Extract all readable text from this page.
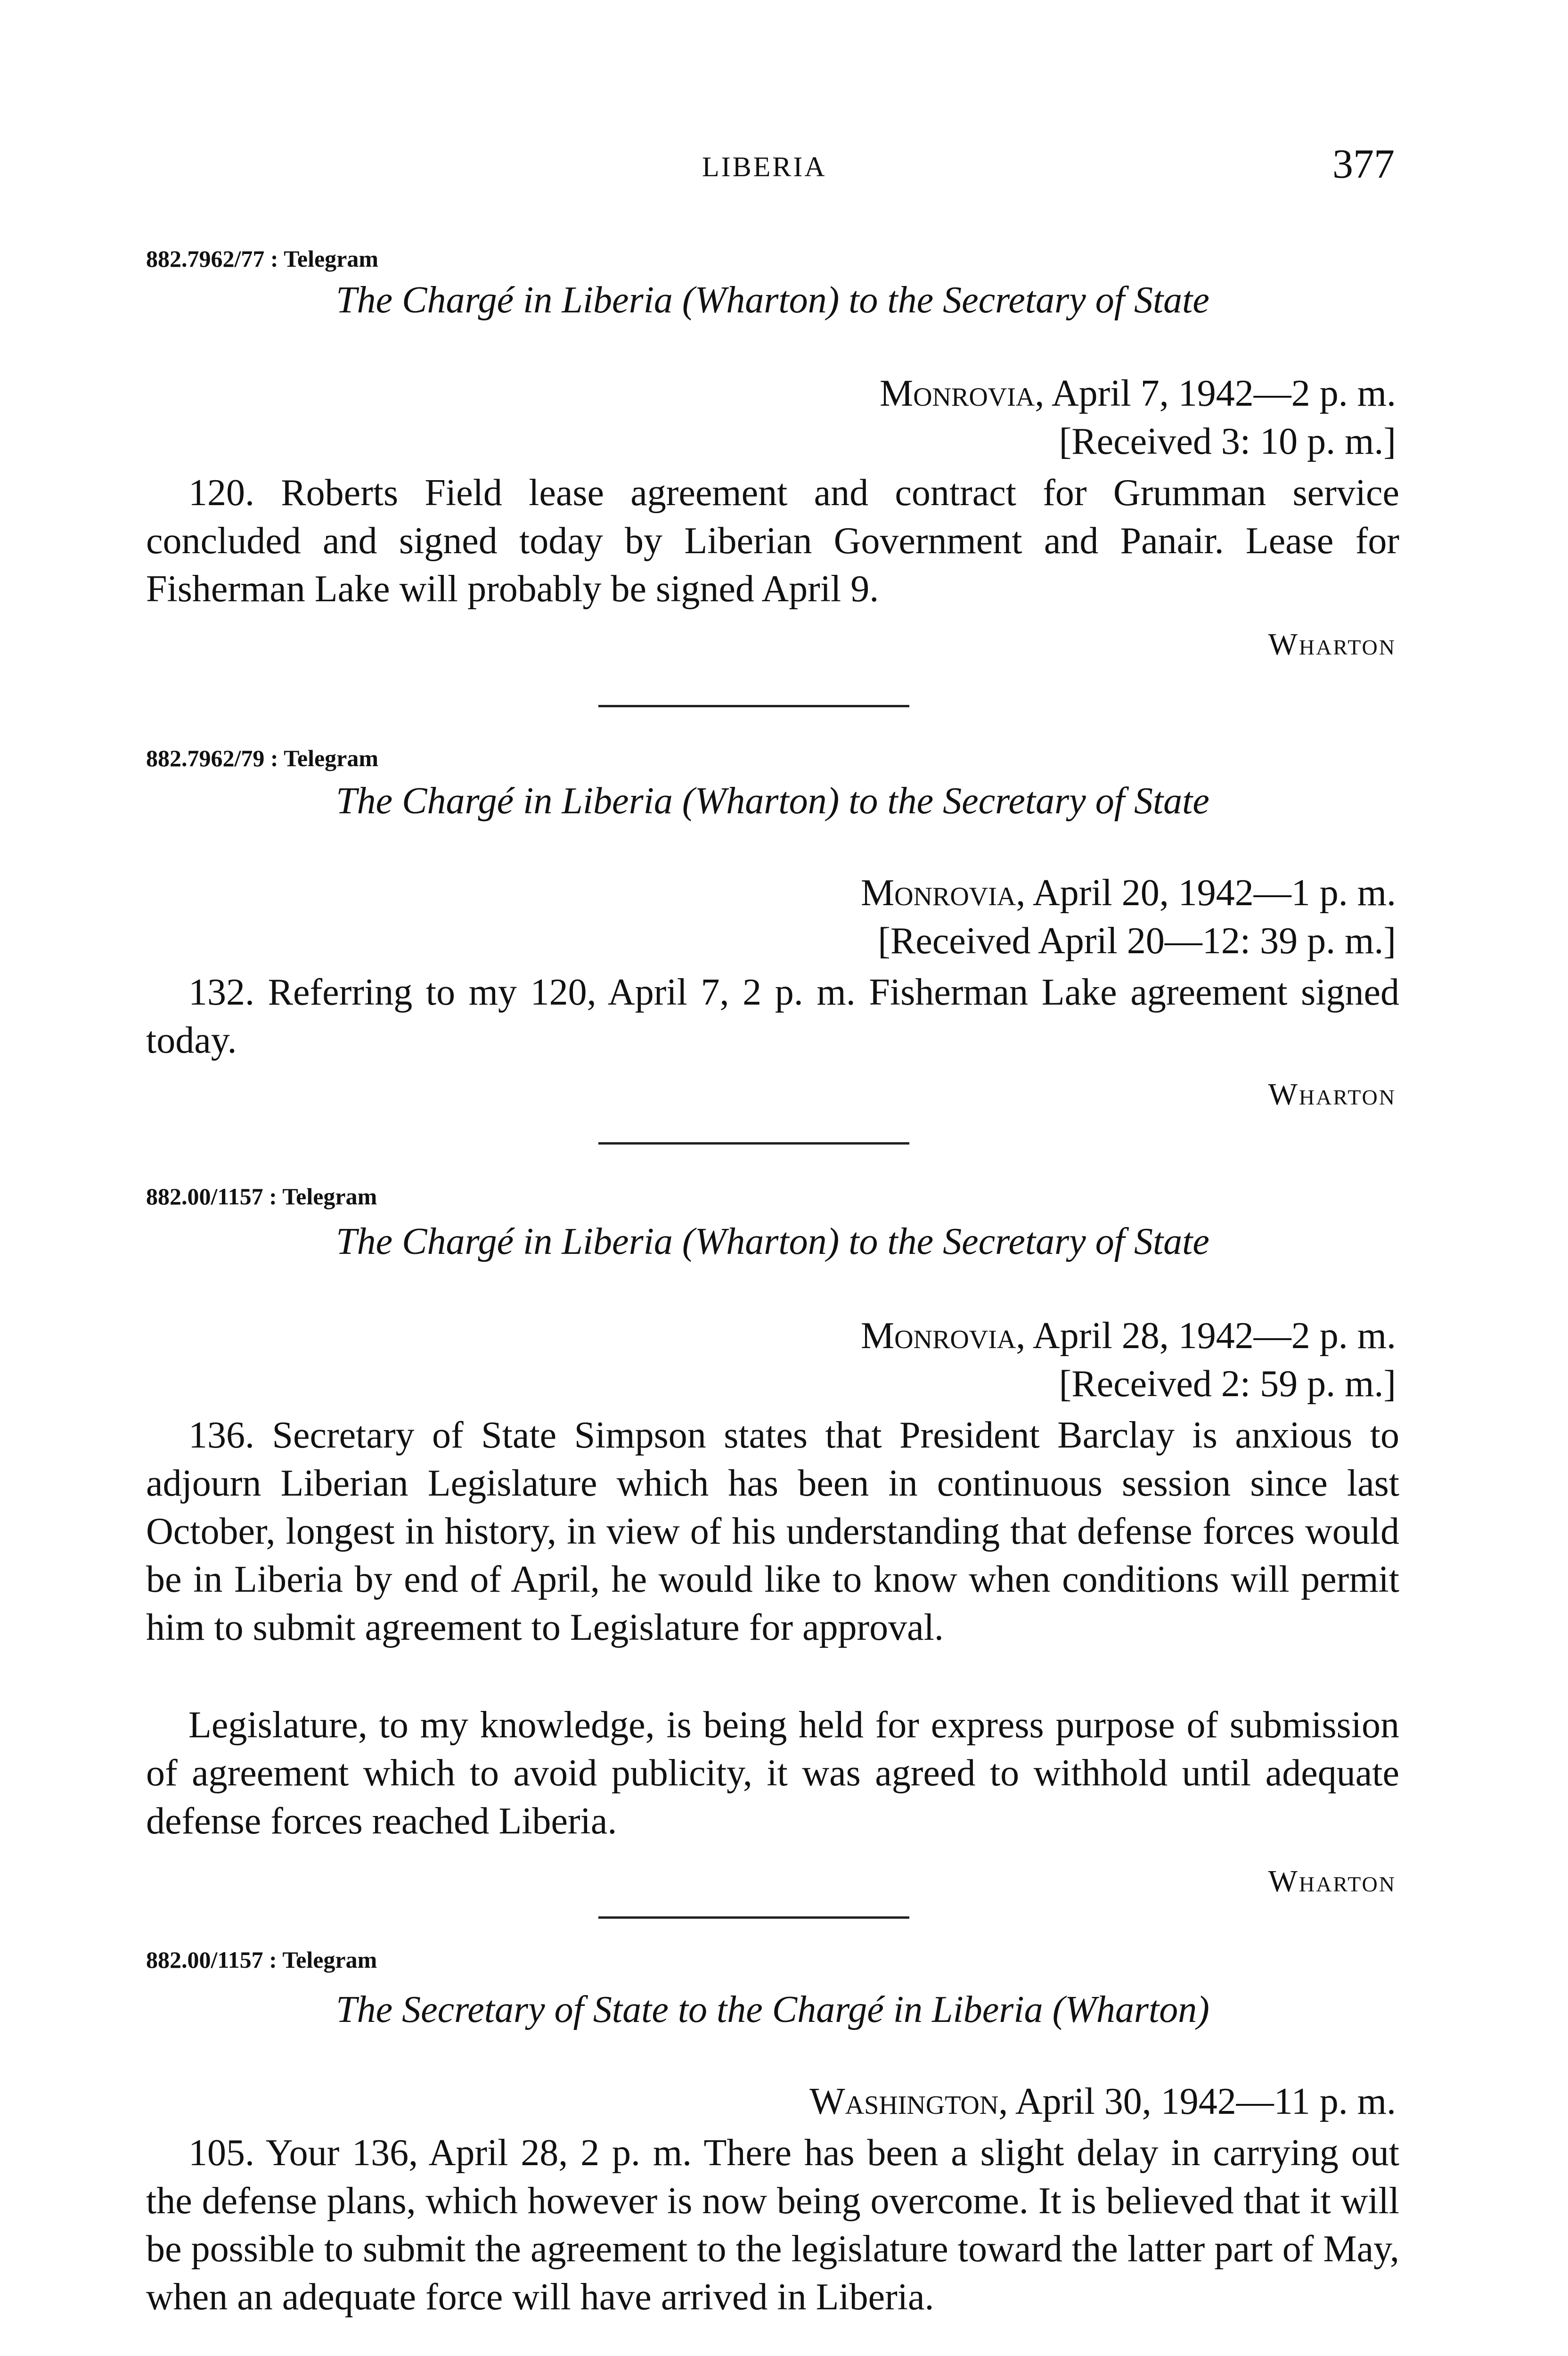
LIBERIA	377
882.7962/77 : Telegram
The Chargé in Liberia (Wharton) to the Secretary of State
Monrovia, April 7, 1942—2 p. m.
[Received 3: 10 p. m.]

120. Roberts Field lease agreement and contract for Grumman service concluded and signed today by Liberian Government and Panair. Lease for Fisherman Lake will probably be signed April 9.

Wharton
882.7962/79 : Telegram
The Chargé in Liberia (Wharton) to the Secretary of State
Monrovia, April 20, 1942—1 p. m.
[Received April 20—12: 39 p. m.]

132. Referring to my 120, April 7, 2 p. m. Fisherman Lake agreement signed today.

Wharton
882.00/1157 : Telegram
The Chargé in Liberia (Wharton) to the Secretary of State
Monrovia, April 28, 1942—2 p. m.
[Received 2: 59 p. m.]

136. Secretary of State Simpson states that President Barclay is anxious to adjourn Liberian Legislature which has been in continuous session since last October, longest in history, in view of his understanding that defense forces would be in Liberia by end of April, he would like to know when conditions will permit him to submit agreement to Legislature for approval.

Legislature, to my knowledge, is being held for express purpose of submission of agreement which to avoid publicity, it was agreed to withhold until adequate defense forces reached Liberia.

Wharton
882.00/1157 : Telegram
The Secretary of State to the Chargé in Liberia (Wharton)
Washington, April 30, 1942—11 p. m.

105. Your 136, April 28, 2 p. m. There has been a slight delay in carrying out the defense plans, which however is now being overcome. It is believed that it will be possible to submit the agreement to the legislature toward the latter part of May, when an adequate force will have arrived in Liberia.
